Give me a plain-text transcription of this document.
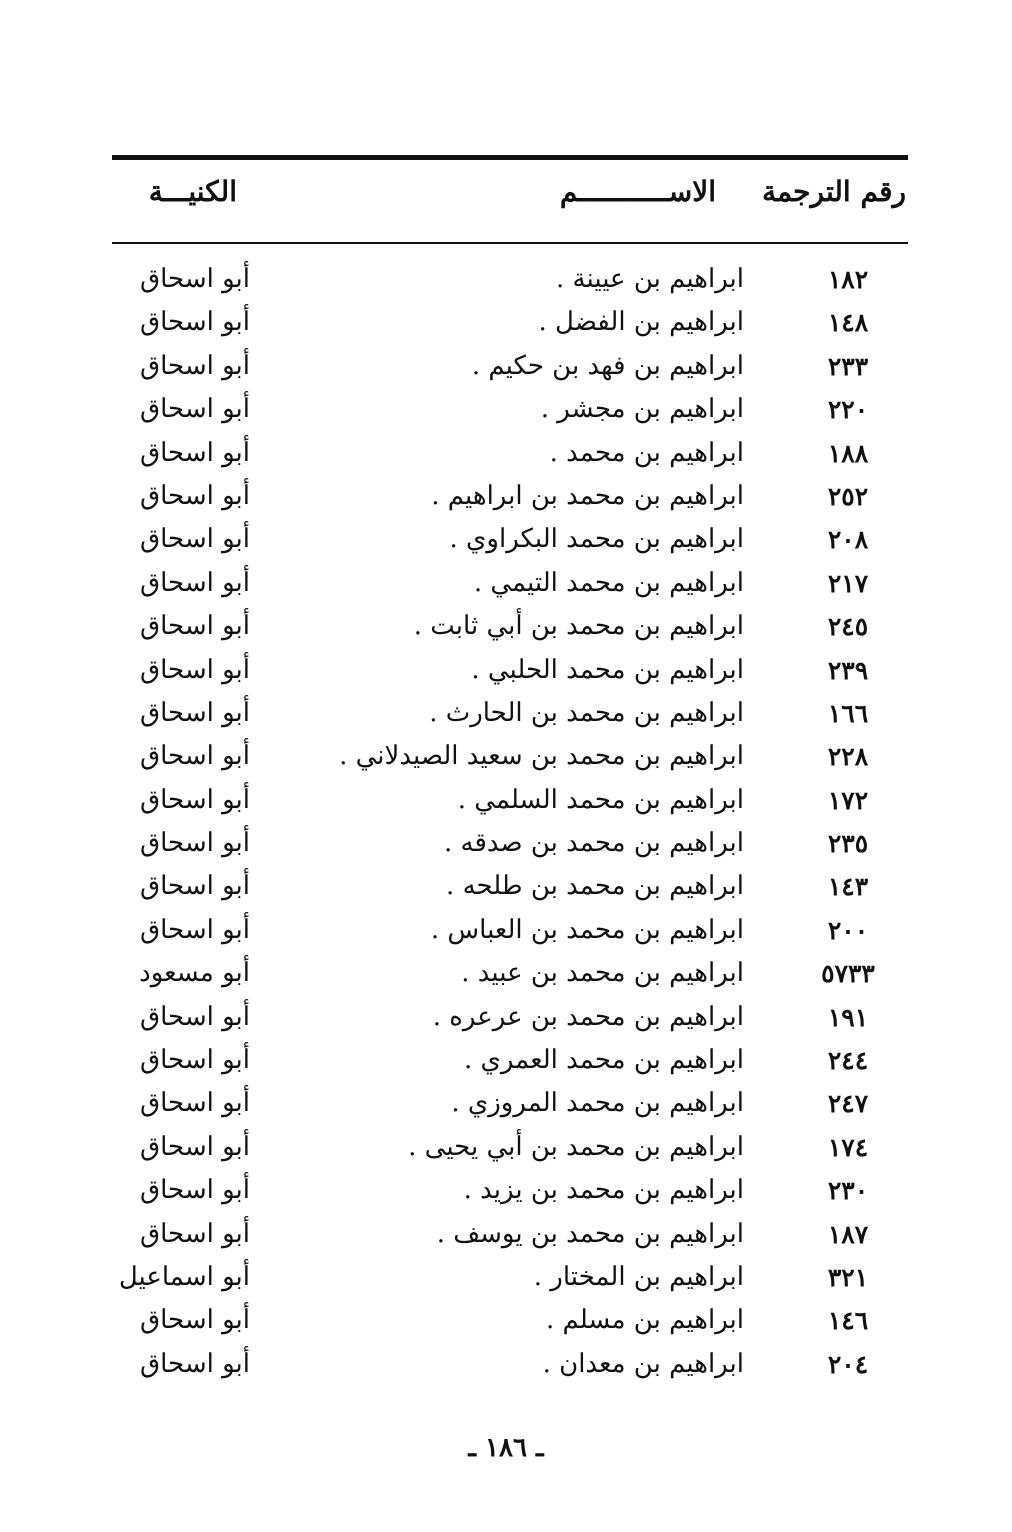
رقم الترجمة
الاســـــــــــم
الكنيـــة
١٨٢
ابراهيم بن عيينة .
أبو اسحاق
١٤٨
ابراهيم بن الفضل .
أبو اسحاق
٢٣٣
ابراهيم بن فهد بن حكيم .
أبو اسحاق
٢٢٠
ابراهيم بن مجشر .
أبو اسحاق
١٨٨
ابراهيم بن محمد .
أبو اسحاق
٢٥٢
ابراهيم بن محمد بن ابراهيم .
أبو اسحاق
٢٠٨
ابراهيم بن محمد البكراوي .
أبو اسحاق
٢١٧
ابراهيم بن محمد التيمي .
أبو اسحاق
٢٤٥
ابراهيم بن محمد بن أبي ثابت .
أبو اسحاق
٢٣٩
ابراهيم بن محمد الحلبي .
أبو اسحاق
١٦٦
ابراهيم بن محمد بن الحارث .
أبو اسحاق
٢٢٨
ابراهيم بن محمد بن سعيد الصيدلاني .
أبو اسحاق
١٧٢
ابراهيم بن محمد السلمي .
أبو اسحاق
٢٣٥
ابراهيم بن محمد بن صدقه .
أبو اسحاق
١٤٣
ابراهيم بن محمد بن طلحه .
أبو اسحاق
٢٠٠
ابراهيم بن محمد بن العباس .
أبو اسحاق
٥٧٣٣
ابراهيم بن محمد بن عبيد .
أبو مسعود
١٩١
ابراهيم بن محمد بن عرعره .
أبو اسحاق
٢٤٤
ابراهيم بن محمد العمري .
أبو اسحاق
٢٤٧
ابراهيم بن محمد المروزي .
أبو اسحاق
١٧٤
ابراهيم بن محمد بن أبي يحيى .
أبو اسحاق
٢٣٠
ابراهيم بن محمد بن يزيد .
أبو اسحاق
١٨٧
ابراهيم بن محمد بن يوسف .
أبو اسحاق
٣٢١
ابراهيم بن المختار .
أبو اسماعيل
١٤٦
ابراهيم بن مسلم .
أبو اسحاق
٢٠٤
ابراهيم بن معدان .
أبو اسحاق
ـ ١٨٦ ـ
